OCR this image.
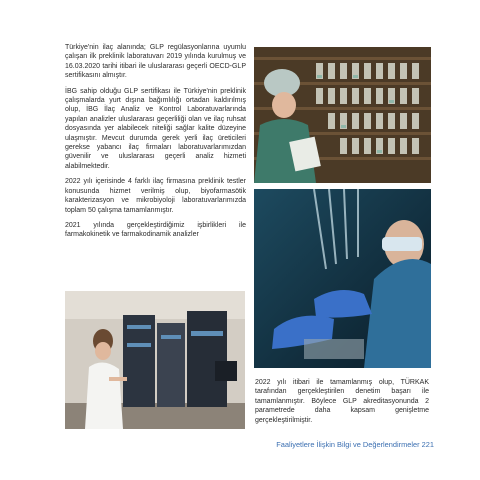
Türkiye'nin ilaç alanında; GLP regülasyonlarına uyumlu çalışan ilk preklinik laboratuvarı 2019 yılında kurulmuş ve 16.03.2020 tarihi itibari ile uluslararası geçerli OECD-GLP sertifikasını almıştır.

İBG sahip olduğu GLP sertifikası ile Türkiye'nin preklinik çalışmalarda yurt dışına bağımlılığı ortadan kaldırılmış olup, İBG İlaç Analiz ve Kontrol Laboratuvarlarında yapılan analizler uluslararası geçerliliği olan ve ilaç ruhsat dosyasında yer alabilecek niteliği sağlar kalite düzeyine ulaşmıştır. Mevcut durumda gerek yerli ilaç üreticileri gerekse yabancı ilaç firmaları laboratuvarlarımızdan güvenilir ve uluslararası geçerli analiz hizmeti alabilmektedir.

2022 yılı içerisinde 4 farklı ilaç firmasına preklinik testler konusunda hizmet verilmiş olup, biyofarmasötik karakterizasyon ve mikrobiyoloji laboratuvarlarımızda toplam 50 çalışma tamamlanmıştır.

2021 yılında gerçekleştirdiğimiz işbirlikleri ile farmakokinetik ve farmakodinamik analizler

2022 yılı itibari ile tamamlanmış olup, TÜRKAK tarafından gerçekleştirilen denetim başarı ile tamamlanmıştır. Böylece GLP akreditasyonunda 2 parametrede daha kapsam genişletme gerçekleştirilmiştir.

Faaliyetlere İlişkin Bilgi ve Değerlendirmeler 221
